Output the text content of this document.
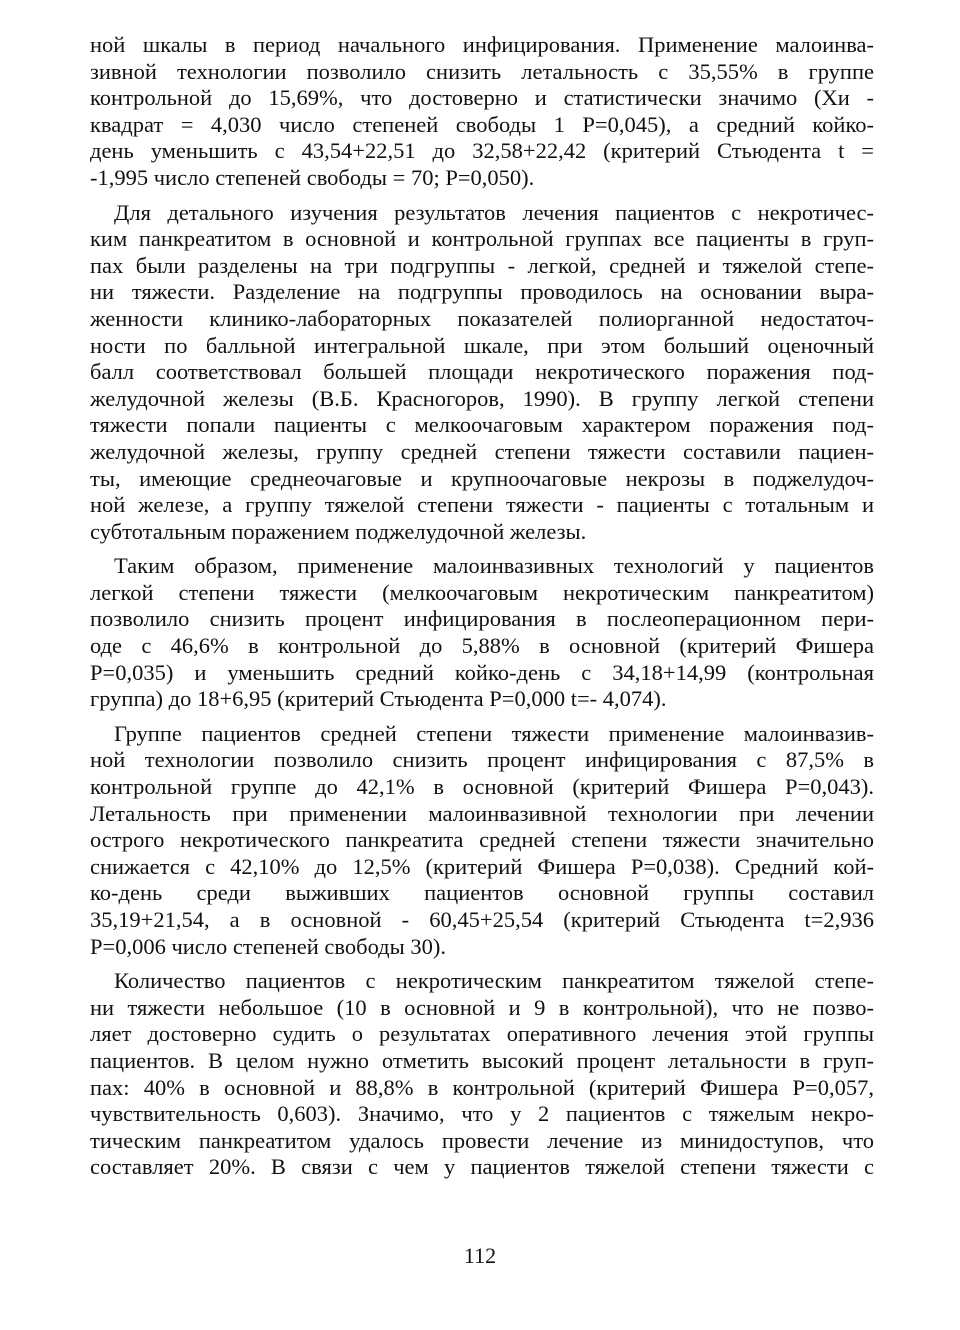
ной шкалы в период начального инфицирования. Применение малоинва-
зивной технологии позволило снизить летальность с 35,55% в группе
контрольной до 15,69%, что достоверно и статистически значимо (Хи -
квадрат = 4,030 число степеней свободы 1 Р=0,045), а средний койко-
день уменьшить с 43,54+22,51 до 32,58+22,42 (критерий Стьюдента t =
-1,995 число степеней свободы = 70; Р=0,050).
Для детального изучения результатов лечения пациентов с некротичес-
ким панкреатитом в основной и контрольной группах все пациенты в груп-
пах были разделены на три подгруппы - легкой, средней и тяжелой степе-
ни тяжести. Разделение на подгруппы проводилось на основании выра-
женности клинико-лабораторных показателей полиорганной недостаточ-
ности по балльной интегральной шкале, при этом больший оценочный
балл соответствовал большей площади некротического поражения под-
желудочной железы (В.Б. Красногоров, 1990). В группу легкой степени
тяжести попали пациенты с мелкоочаговым характером поражения под-
желудочной железы, группу средней степени тяжести составили пациен-
ты, имеющие среднеочаговые и крупноочаговые некрозы в поджелудоч-
ной железе, а группу тяжелой степени тяжести - пациенты с тотальным и
субтотальным поражением поджелудочной железы.
Таким образом, применение малоинвазивных технологий у пациентов
легкой степени тяжести (мелкоочаговым некротическим панкреатитом)
позволило снизить процент инфицирования в послеоперационном пери-
оде с 46,6% в контрольной до 5,88% в основной (критерий Фишера
Р=0,035) и уменьшить средний койко-день с 34,18+14,99 (контрольная
группа) до 18+6,95 (критерий Стьюдента Р=0,000 t=- 4,074).
Группе пациентов средней степени тяжести применение малоинвазив-
ной технологии позволило снизить процент инфицирования с 87,5% в
контрольной группе до 42,1% в основной (критерий Фишера Р=0,043).
Летальность при применении малоинвазивной технологии при лечении
острого некротического панкреатита средней степени тяжести значительно
снижается с 42,10% до 12,5% (критерий Фишера Р=0,038). Средний кой-
ко-день среди выживших пациентов основной группы составил
35,19+21,54, а в основной - 60,45+25,54 (критерий Стьюдента t=2,936
Р=0,006 число степеней свободы 30).
Количество пациентов с некротическим панкреатитом тяжелой степе-
ни тяжести небольшое (10 в основной и 9 в контрольной), что не позво-
ляет достоверно судить о результатах оперативного лечения этой группы
пациентов. В целом нужно отметить высокий процент летальности в груп-
пах: 40% в основной и 88,8% в контрольной (критерий Фишера Р=0,057,
чувствительность 0,603). Значимо, что у 2 пациентов с тяжелым некро-
тическим панкреатитом удалось провести лечение из минидоступов, что
составляет 20%. В связи с чем у пациентов тяжелой степени тяжести с
112
